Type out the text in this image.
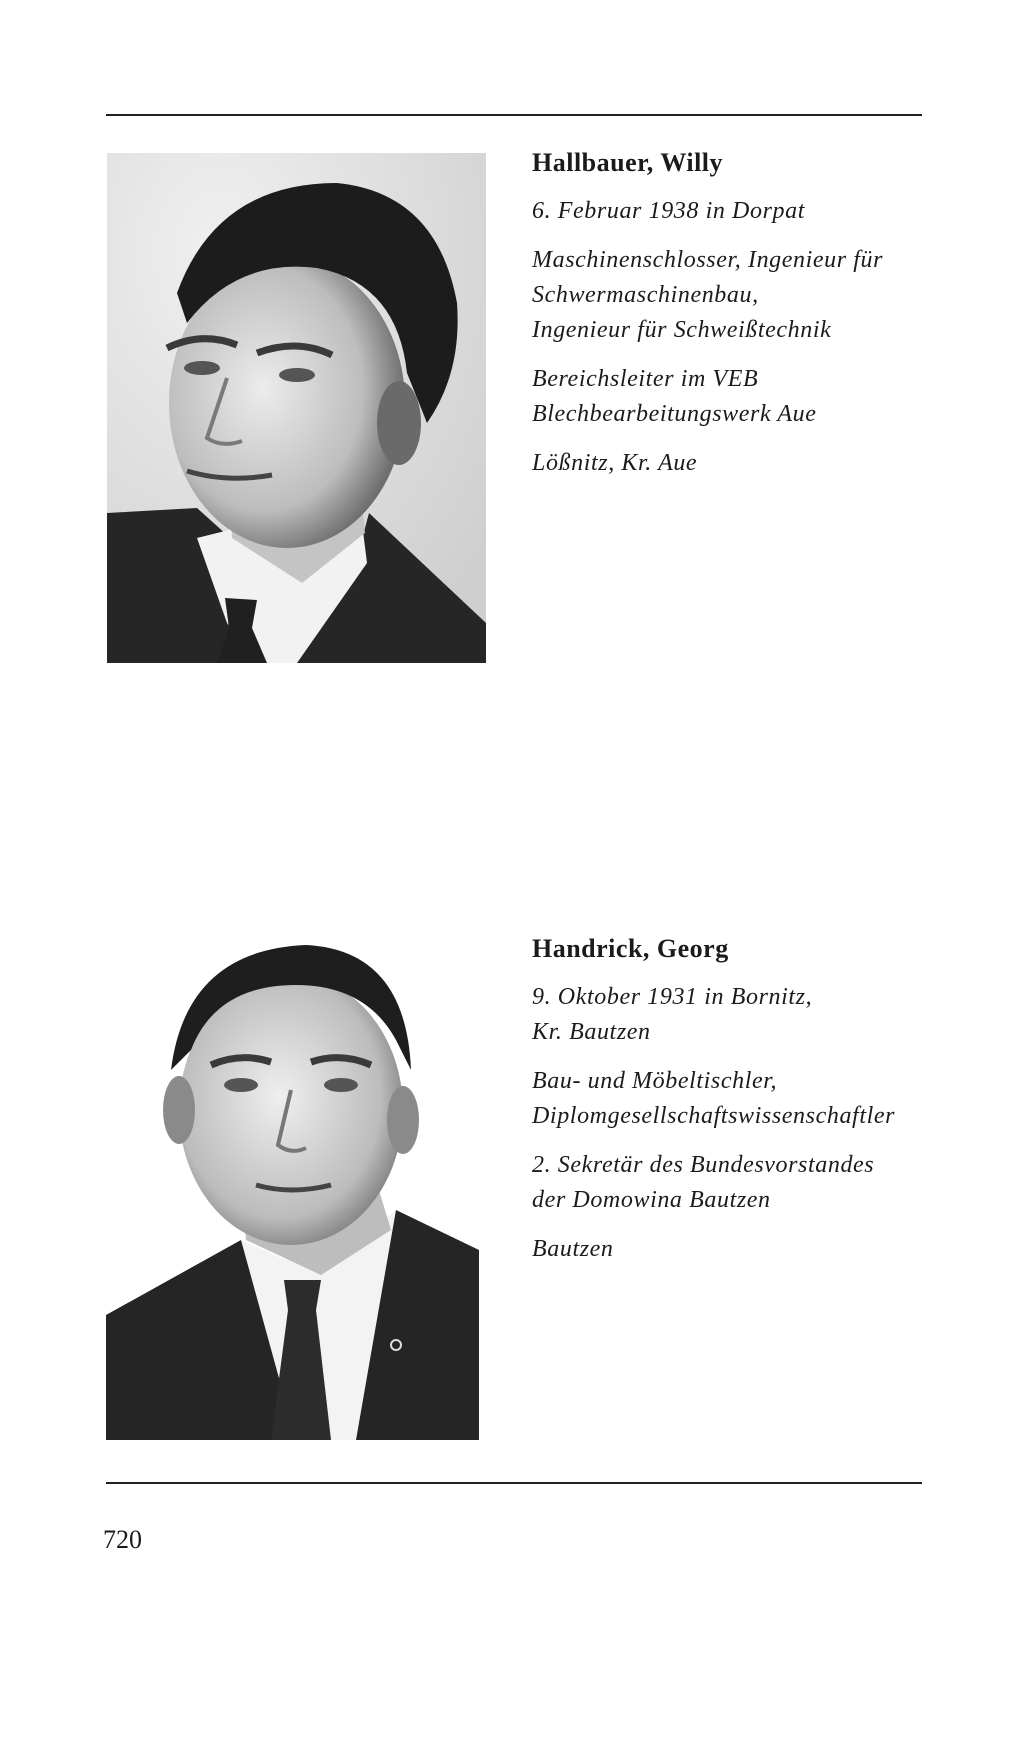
Hallbauer, Willy
6. Februar 1938 in Dorpat
Maschinenschlosser, Ingenieur für
Schwermaschinenbau,
Ingenieur für Schweißtechnik
Bereichsleiter im VEB
Blechbearbeitungswerk Aue
Lößnitz, Kr. Aue
Handrick, Georg
9. Oktober 1931 in Bornitz,
Kr. Bautzen
Bau- und Möbeltischler,
Diplomgesellschaftswissenschaftler
2. Sekretär des Bundesvorstandes
der Domowina Bautzen
Bautzen
720
